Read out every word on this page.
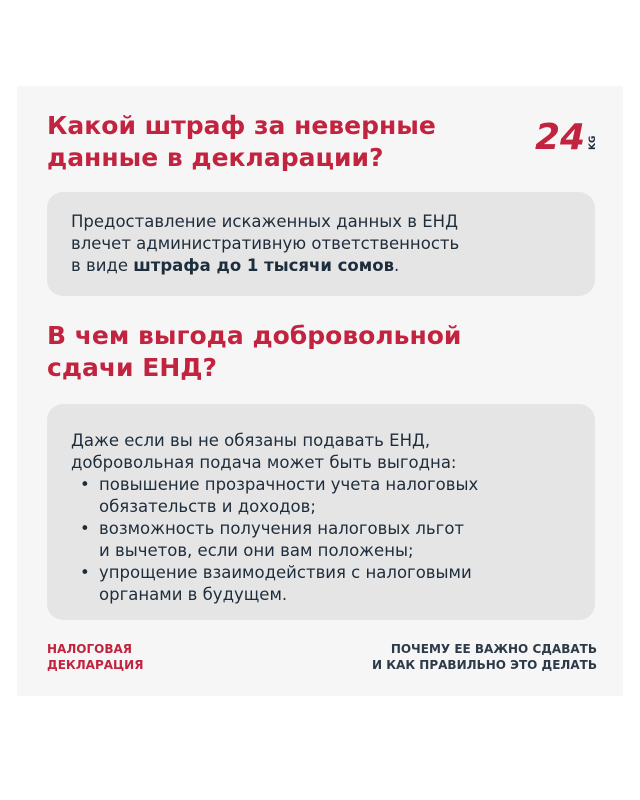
Какой штраф за неверные
данные в декларации?	24 KG
Предоставление искаженных данных в ЕНД
влечет административную ответственность
в виде штрафа до 1 тысячи сомов.
В чем выгода добровольной
сдачи ЕНД?
Даже если вы не обязаны подавать ЕНД,
добровольная подача может быть выгодна:
• повышение прозрачности учета налоговых
обязательств и доходов;
• возможность получения налоговых льгот
и вычетов, если они вам положены;
• упрощение взаимодействия с налоговыми
органами в будущем.
НАЛОГОВАЯ
ДЕКЛАРАЦИЯ
ПОЧЕМУ ЕЕ ВАЖНО СДАВАТЬ
И КАК ПРАВИЛЬНО ЭТО ДЕЛАТЬ
